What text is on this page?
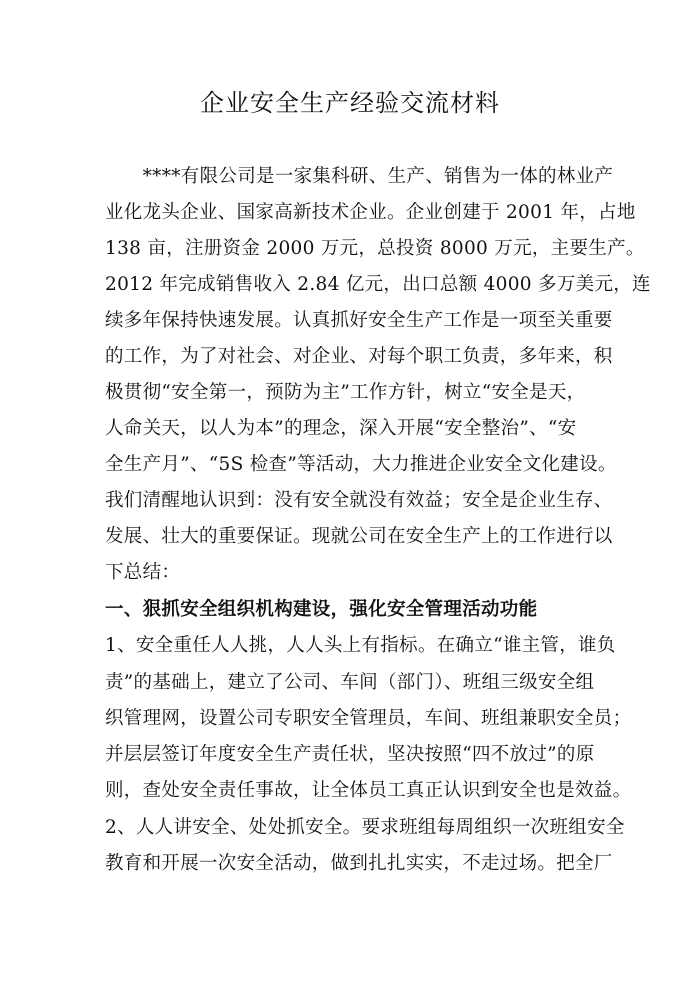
企业安全生产经验交流材料
　　****有限公司是一家集科研、生产、销售为一体的林业产
业化龙头企业、国家高新技术企业。企业创建于 2001 年，占地
138 亩，注册资金 2000 万元，总投资 8000 万元，主要生产。
2012 年完成销售收入 2.84 亿元，出口总额 4000 多万美元，连
续多年保持快速发展。认真抓好安全生产工作是一项至关重要
的工作，为了对社会、对企业、对每个职工负责，多年来，积
极贯彻“安全第一，预防为主”工作方针，树立“安全是天，
人命关天，以人为本”的理念，深入开展“安全整治”、“安
全生产月”、“5S 检查”等活动，大力推进企业安全文化建设。
我们清醒地认识到：没有安全就没有效益；安全是企业生存、
发展、壮大的重要保证。现就公司在安全生产上的工作进行以
下总结：
一、狠抓安全组织机构建设，强化安全管理活动功能
1、安全重任人人挑，人人头上有指标。在确立“谁主管，谁负
责”的基础上，建立了公司、车间（部门）、班组三级安全组
织管理网，设置公司专职安全管理员，车间、班组兼职安全员；
并层层签订年度安全生产责任状，坚决按照“四不放过”的原
则，查处安全责任事故，让全体员工真正认识到安全也是效益。
2、人人讲安全、处处抓安全。要求班组每周组织一次班组安全
教育和开展一次安全活动，做到扎扎实实，不走过场。把全厂
